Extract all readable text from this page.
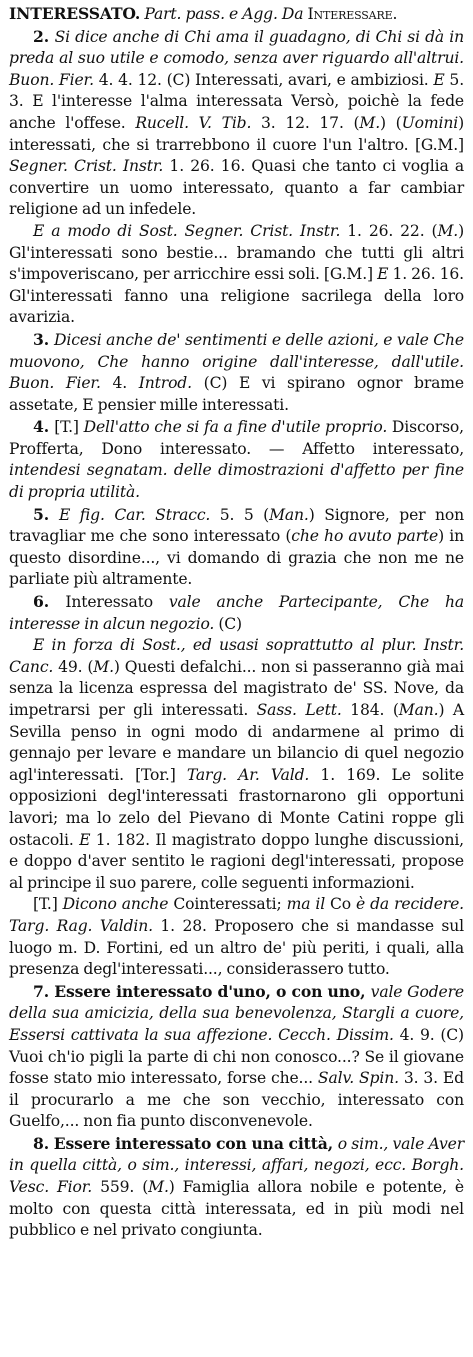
INTERESSATO. Part. pass. e Agg. Da Interessare.

2. Si dice anche di Chi ama il guadagno, di Chi si dà in preda al suo utile e comodo, senza aver riguardo all'altrui. Buon. Fier. 4. 4. 12. (C) Interessati, avari, e ambiziosi. E 5. 3. E l'interesse l'alma interessata Versò, poichè la fede anche l'offese. Rucell. V. Tib. 3. 12. 17. (M.) (Uomini) interessati, che si trarrebbono il cuore l'un l'altro. [G.M.] Segner. Crist. Instr. 1. 26. 16. Quasi che tanto ci voglia a convertire un uomo interessato, quanto a far cambiar religione ad un infedele.

E a modo di Sost. Segner. Crist. Instr. 1. 26. 22. (M.) Gl'interessati sono bestie... bramando che tutti gli altri s'impoveriscano, per arricchire essi soli. [G.M.] E 1. 26. 16. Gl'interessati fanno una religione sacrilega della loro avarizia.

3. Dicesi anche de' sentimenti e delle azioni, e vale Che muovono, Che hanno origine dall'interesse, dall'utile. Buon. Fier. 4. Introd. (C) E vi spirano ognor brame assetate, E pensier mille interessati.

4. [T.] Dell'atto che si fa a fine d'utile proprio. Discorso, Profferta, Dono interessato. — Affetto interessato, intendesi segnatam. delle dimostrazioni d'affetto per fine di propria utilità.

5. E fig. Car. Stracc. 5. 5 (Man.) Signore, per non travagliar me che sono interessato (che ho avuto parte) in questo disordine..., vi domando di grazia che non me ne parliate più altramente.

6. Interessato vale anche Partecipante, Che ha interesse in alcun negozio. (C)

E in forza di Sost., ed usasi soprattutto al plur. Instr. Canc. 49. (M.) Questi defalchi... non si passeranno già mai senza la licenza espressa del magistrato de' SS. Nove, da impetrarsi per gli interessati. Sass. Lett. 184. (Man.) A Sevilla penso in ogni modo di andarmene al primo di gennajo per levare e mandare un bilancio di quel negozio agl'interessati. [Tor.] Targ. Ar. Vald. 1. 169. Le solite opposizioni degl'interessati frastornarono gli opportuni lavori; ma lo zelo del Pievano di Monte Catini roppe gli ostacoli. E 1. 182. Il magistrato doppo lunghe discussioni, e doppo d'aver sentito le ragioni degl'interessati, propose al principe il suo parere, colle seguenti informazioni.

[T.] Dicono anche Cointeressati; ma il Co è da recidere. Targ. Rag. Valdin. 1. 28. Proposero che si mandasse sul luogo m. D. Fortini, ed un altro de' più periti, i quali, alla presenza degl'interessati..., considerassero tutto.

7. Essere interessato d'uno, o con uno, vale Godere della sua amicizia, della sua benevolenza, Stargli a cuore, Essersi cattivata la sua affezione. Cecch. Dissim. 4. 9. (C) Vuoi ch'io pigli la parte di chi non conosco...? Se il giovane fosse stato mio interessato, forse che... Salv. Spin. 3. 3. Ed il procurarlo a me che son vecchio, interessato con Guelfo,... non fia punto disconvenevole.

8. Essere interessato con una città, o sim., vale Aver in quella città, o sim., interessi, affari, negozi, ecc. Borgh. Vesc. Fior. 559. (M.) Famiglia allora nobile e potente, è molto con questa città interessata, ed in più modi nel pubblico e nel privato congiunta.
